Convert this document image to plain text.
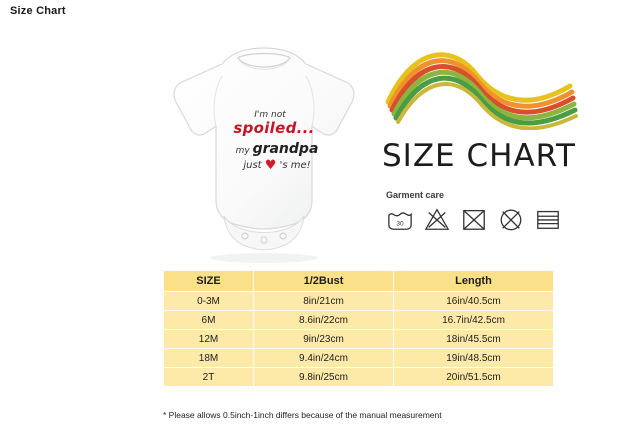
Size Chart
I'm not
spoiled...
my grandpa
just ♥ 's me!	SIZE CHART
Garment care
30
SIZE	1/2Bust	Length
0-3M	8in/21cm	16in/40.5cm
6M	8.6in/22cm	16.7in/42.5cm
12M	9in/23cm	18in/45.5cm
18M	9.4in/24cm	19in/48.5cm
2T	9.8in/25cm	20in/51.5cm
* Please allows 0.5inch-1inch differs because of the manual measurement
